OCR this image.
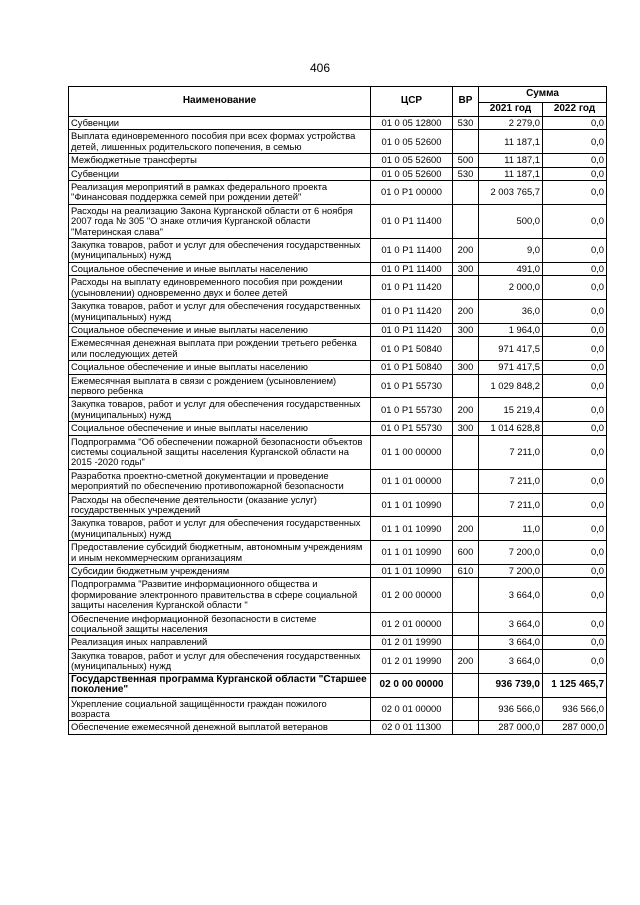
406
Наименование	ЦСР	ВР	Сумма	
			2021 год	2022 год
Субвенции	01 0 05 12800	530	2 279,0	0,0
Выплата единовременного пособия при всех формах устройства детей, лишенных родительского попечения, в семью	01 0 05 52600		11 187,1	0,0
Межбюджетные трансферты	01 0 05 52600	500	11 187,1	0,0
Субвенции	01 0 05 52600	530	11 187,1	0,0
Реализация мероприятий в рамках федерального проекта "Финансовая поддержка семей при рождении детей"	01 0 P1 00000		2 003 765,7	0,0
Расходы на реализацию Закона Курганской области от 6 ноября 2007 года № 305 "О знаке отличия Курганской области "Материнская слава"	01 0 P1 11400		500,0	0,0
Закупка товаров, работ и услуг для обеспечения государственных (муниципальных) нужд	01 0 P1 11400	200	9,0	0,0
Социальное обеспечение и иные выплаты населению	01 0 P1 11400	300	491,0	0,0
Расходы на выплату единовременного пособия при рождении (усыновлении) одновременно двух и более детей	01 0 P1 11420		2 000,0	0,0
Закупка товаров, работ и услуг для обеспечения государственных (муниципальных) нужд	01 0 P1 11420	200	36,0	0,0
Социальное обеспечение и иные выплаты населению	01 0 P1 11420	300	1 964,0	0,0
Ежемесячная денежная выплата при рождении третьего ребенка или последующих детей	01 0 P1 50840		971 417,5	0,0
Социальное обеспечение и иные выплаты населению	01 0 P1 50840	300	971 417,5	0,0
Ежемесячная выплата в связи с рождением (усыновлением) первого ребенка	01 0 P1 55730		1 029 848,2	0,0
Закупка товаров, работ и услуг для обеспечения государственных (муниципальных) нужд	01 0 P1 55730	200	15 219,4	0,0
Социальное обеспечение и иные выплаты населению	01 0 P1 55730	300	1 014 628,8	0,0
Подпрограмма "Об обеспечении пожарной безопасности объектов системы социальной защиты населения Курганской области на 2015 -2020 годы"	01 1 00 00000		7 211,0	0,0
Разработка проектно-сметной документации и проведение мероприятий по обеспечению противопожарной безопасности	01 1 01 00000		7 211,0	0,0
Расходы на обеспечение деятельности (оказание услуг) государственных учреждений	01 1 01 10990		7 211,0	0,0
Закупка товаров, работ и услуг для обеспечения государственных (муниципальных) нужд	01 1 01 10990	200	11,0	0,0
Предоставление субсидий бюджетным, автономным учреждениям и иным некоммерческим организациям	01 1 01 10990	600	7 200,0	0,0
Субсидии бюджетным учреждениям	01 1 01 10990	610	7 200,0	0,0
Подпрограмма "Развитие информационного общества и формирование электронного правительства в сфере социальной защиты населения Курганской области "	01 2 00 00000		3 664,0	0,0
Обеспечение информационной безопасности в системе социальной защиты населения	01 2 01 00000		3 664,0	0,0
Реализация иных направлений	01 2 01 19990		3 664,0	0,0
Закупка товаров, работ и услуг для обеспечения государственных (муниципальных) нужд	01 2 01 19990	200	3 664,0	0,0
Государственная программа Курганской области "Старшее поколение"	02 0 00 00000		936 739,0	1 125 465,7
Укрепление социальной защищённости граждан пожилого возраста	02 0 01 00000		936 566,0	936 566,0
Обеспечение ежемесячной денежной выплатой ветеранов	02 0 01 11300		287 000,0	287 000,0
